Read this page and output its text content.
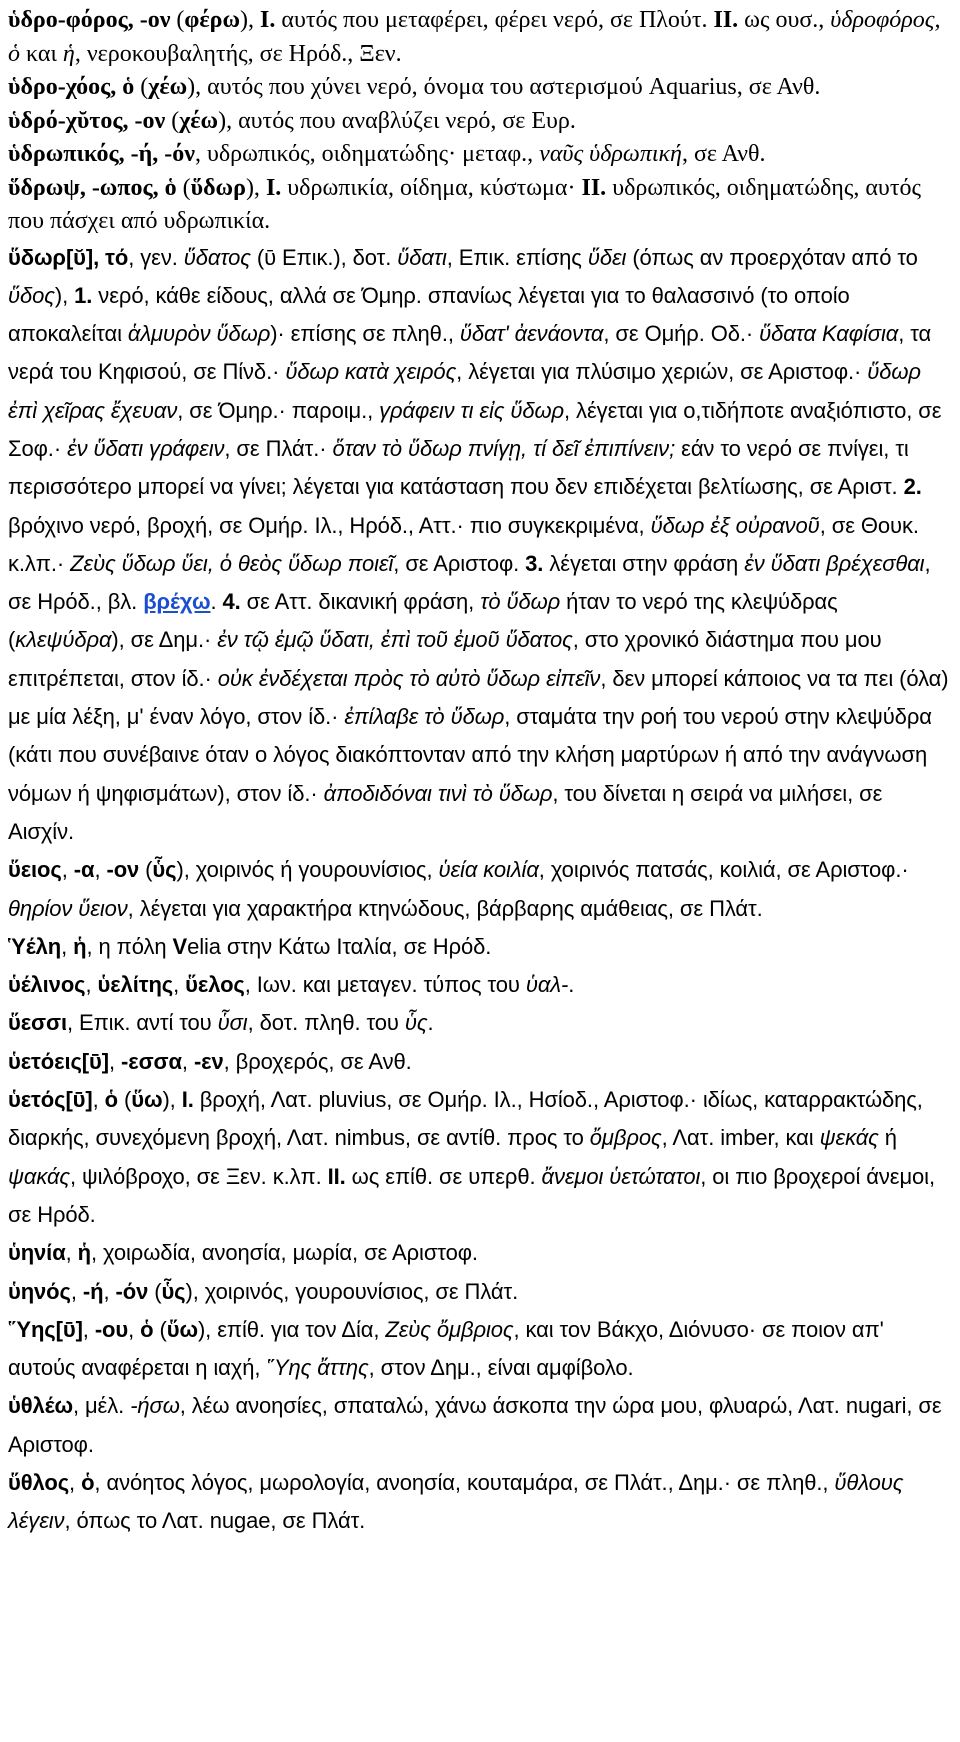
ὑδρο-φόρος, -ον (φέρω), I. αυτός που μεταφέρει, φέρει νερό, σε Πλούτ. II. ως ουσ., ὑδροφόρος, ὁ και ἡ, νεροκουβαλητής, σε Ηρόδ., Ξεν.

ὑδρο-χόος, ὁ (χέω), αυτός που χύνει νερό, όνομα του αστερισμού Aquarius, σε Ανθ.

ὑδρό-χῠτος, -ον (χέω), αυτός που αναβλύζει νερό, σε Ευρ.

ὑδρωπικός, -ή, -όν, υδρωπικός, οιδηματώδης· μεταφ., ναῦς ὑδρωπική, σε Ανθ.

ὕδρωψ, -ωπος, ὁ (ὕδωρ), I. υδρωπικία, οίδημα, κύστωμα· II. υδρωπικός, οιδηματώδης, αυτός που πάσχει από υδρωπικία.

ὕδωρ[ῠ], τό, γεν. ὕδατος (ῡ Επικ.), δοτ. ὕδατι, Επικ. επίσης ὕδει (όπως αν προερχόταν από το ὕδος), 1. νερό, κάθε είδους, αλλά σε Όμηρ. σπανίως λέγεται για το θαλασσινό (το οποίο αποκαλείται ἁλμυρὸν ὕδωρ)· επίσης σε πληθ., ὕδατ' ἀενάοντα, σε Ομήρ. Οδ.· ὕδατα Καφίσια, τα νερά του Κηφισού, σε Πίνδ.· ὕδωρ κατὰ χειρός, λέγεται για πλύσιμο χεριών, σε Αριστοφ.· ὕδωρ ἐπὶ χεῖρας ἔχευαν, σε Όμηρ.· παροιμ., γράφειν τι εἰς ὕδωρ, λέγεται για ο,τιδήποτε αναξιόπιστο, σε Σοφ.· ἐν ὕδατι γράφειν, σε Πλάτ.· ὅταν τὸ ὕδωρ πνίγῃ, τί δεῖ ἐπιπίνειν; εάν το νερό σε πνίγει, τι περισσότερο μπορεί να γίνει; λέγεται για κατάσταση που δεν επιδέχεται βελτίωσης, σε Αριστ. 2. βρόχινο νερό, βροχή, σε Ομήρ. Ιλ., Ηρόδ., Αττ.· πιο συγκεκριμένα, ὕδωρ ἐξ οὐρανοῦ, σε Θουκ. κ.λπ.· Ζεὺς ὕδωρ ὕει, ὁ θεὸς ὕδωρ ποιεῖ, σε Αριστοφ. 3. λέγεται στην φράση ἐν ὕδατι βρέχεσθαι, σε Ηρόδ., βλ. βρέχω. 4. σε Αττ. δικανική φράση, τὸ ὕδωρ ήταν το νερό της κλεψύδρας (κλεψύδρα), σε Δημ.· ἐν τῷ ἐμῷ ὕδατι, ἐπὶ τοῦ ἐμοῦ ὕδατος, στο χρονικό διάστημα που μου επιτρέπεται, στον ίδ.· οὐκ ἐνδέχεται πρὸς τὸ αὐτὸ ὕδωρ εἰπεῖν, δεν μπορεί κάποιος να τα πει (όλα) με μία λέξη, μ' έναν λόγο, στον ίδ.· ἐπίλαβε τὸ ὕδωρ, σταμάτα την ροή του νερού στην κλεψύδρα (κάτι που συνέβαινε όταν ο λόγος διακόπτονταν από την κλήση μαρτύρων ή από την ανάγνωση νόμων ή ψηφισμάτων), στον ίδ.· ἀποδιδόναι τινὶ τὸ ὕδωρ, του δίνεται η σειρά να μιλήσει, σε Αισχίν.

ὕειος, -α, -ον (ὗς), χοιρινός ή γουρουνίσιος, ὑεία κοιλία, χοιρινός πατσάς, κοιλιά, σε Αριστοφ.· θηρίον ὕειον, λέγεται για χαρακτήρα κτηνώδους, βάρβαρης αμάθειας, σε Πλάτ.

Ὑέλη, ἡ, η πόλη Velia στην Κάτω Ιταλία, σε Ηρόδ.

ὑέλινος, ὑελίτης, ὕελος, Ιων. και μεταγεν. τύπος του ὑαλ-.

ὕεσσι, Επικ. αντί του ὗσι, δοτ. πληθ. του ὗς.

ὑετόεις[ῡ], -εσσα, -εν, βροχερός, σε Ανθ.

ὑετός[ῡ], ὁ (ὕω), I. βροχή, Λατ. pluvius, σε Ομήρ. Ιλ., Ησίοδ., Αριστοφ.· ιδίως, καταρρακτώδης, διαρκής, συνεχόμενη βροχή, Λατ. nimbus, σε αντίθ. προς το ὄμβρος, Λατ. imber, και ψεκάς ή ψακάς, ψιλόβροχο, σε Ξεν. κ.λπ. II. ως επίθ. σε υπερθ. ἄνεμοι ὑετώτατοι, οι πιο βροχεροί άνεμοι, σε Ηρόδ.

ὑηνία, ἡ, χοιρωδία, ανοησία, μωρία, σε Αριστοφ.

ὑηνός, -ή, -όν (ὗς), χοιρινός, γουρουνίσιος, σε Πλάτ.

Ὕης[ῡ], -ου, ὁ (ὕω), επίθ. για τον Δία, Ζεὺς ὄμβριος, και τον Βάκχο, Διόνυσο· σε ποιον απ' αυτούς αναφέρεται η ιαχή, Ὕης ἄττης, στον Δημ., είναι αμφίβολο.

ὑθλέω, μέλ. -ήσω, λέω ανοησίες, σπαταλώ, χάνω άσκοπα την ώρα μου, φλυαρώ, Λατ. nugari, σε Αριστοφ.

ὕθλος, ὁ, ανόητος λόγος, μωρολογία, ανοησία, κουταμάρα, σε Πλάτ., Δημ.· σε πληθ., ὕθλους λέγειν, όπως το Λατ. nugae, σε Πλάτ.
